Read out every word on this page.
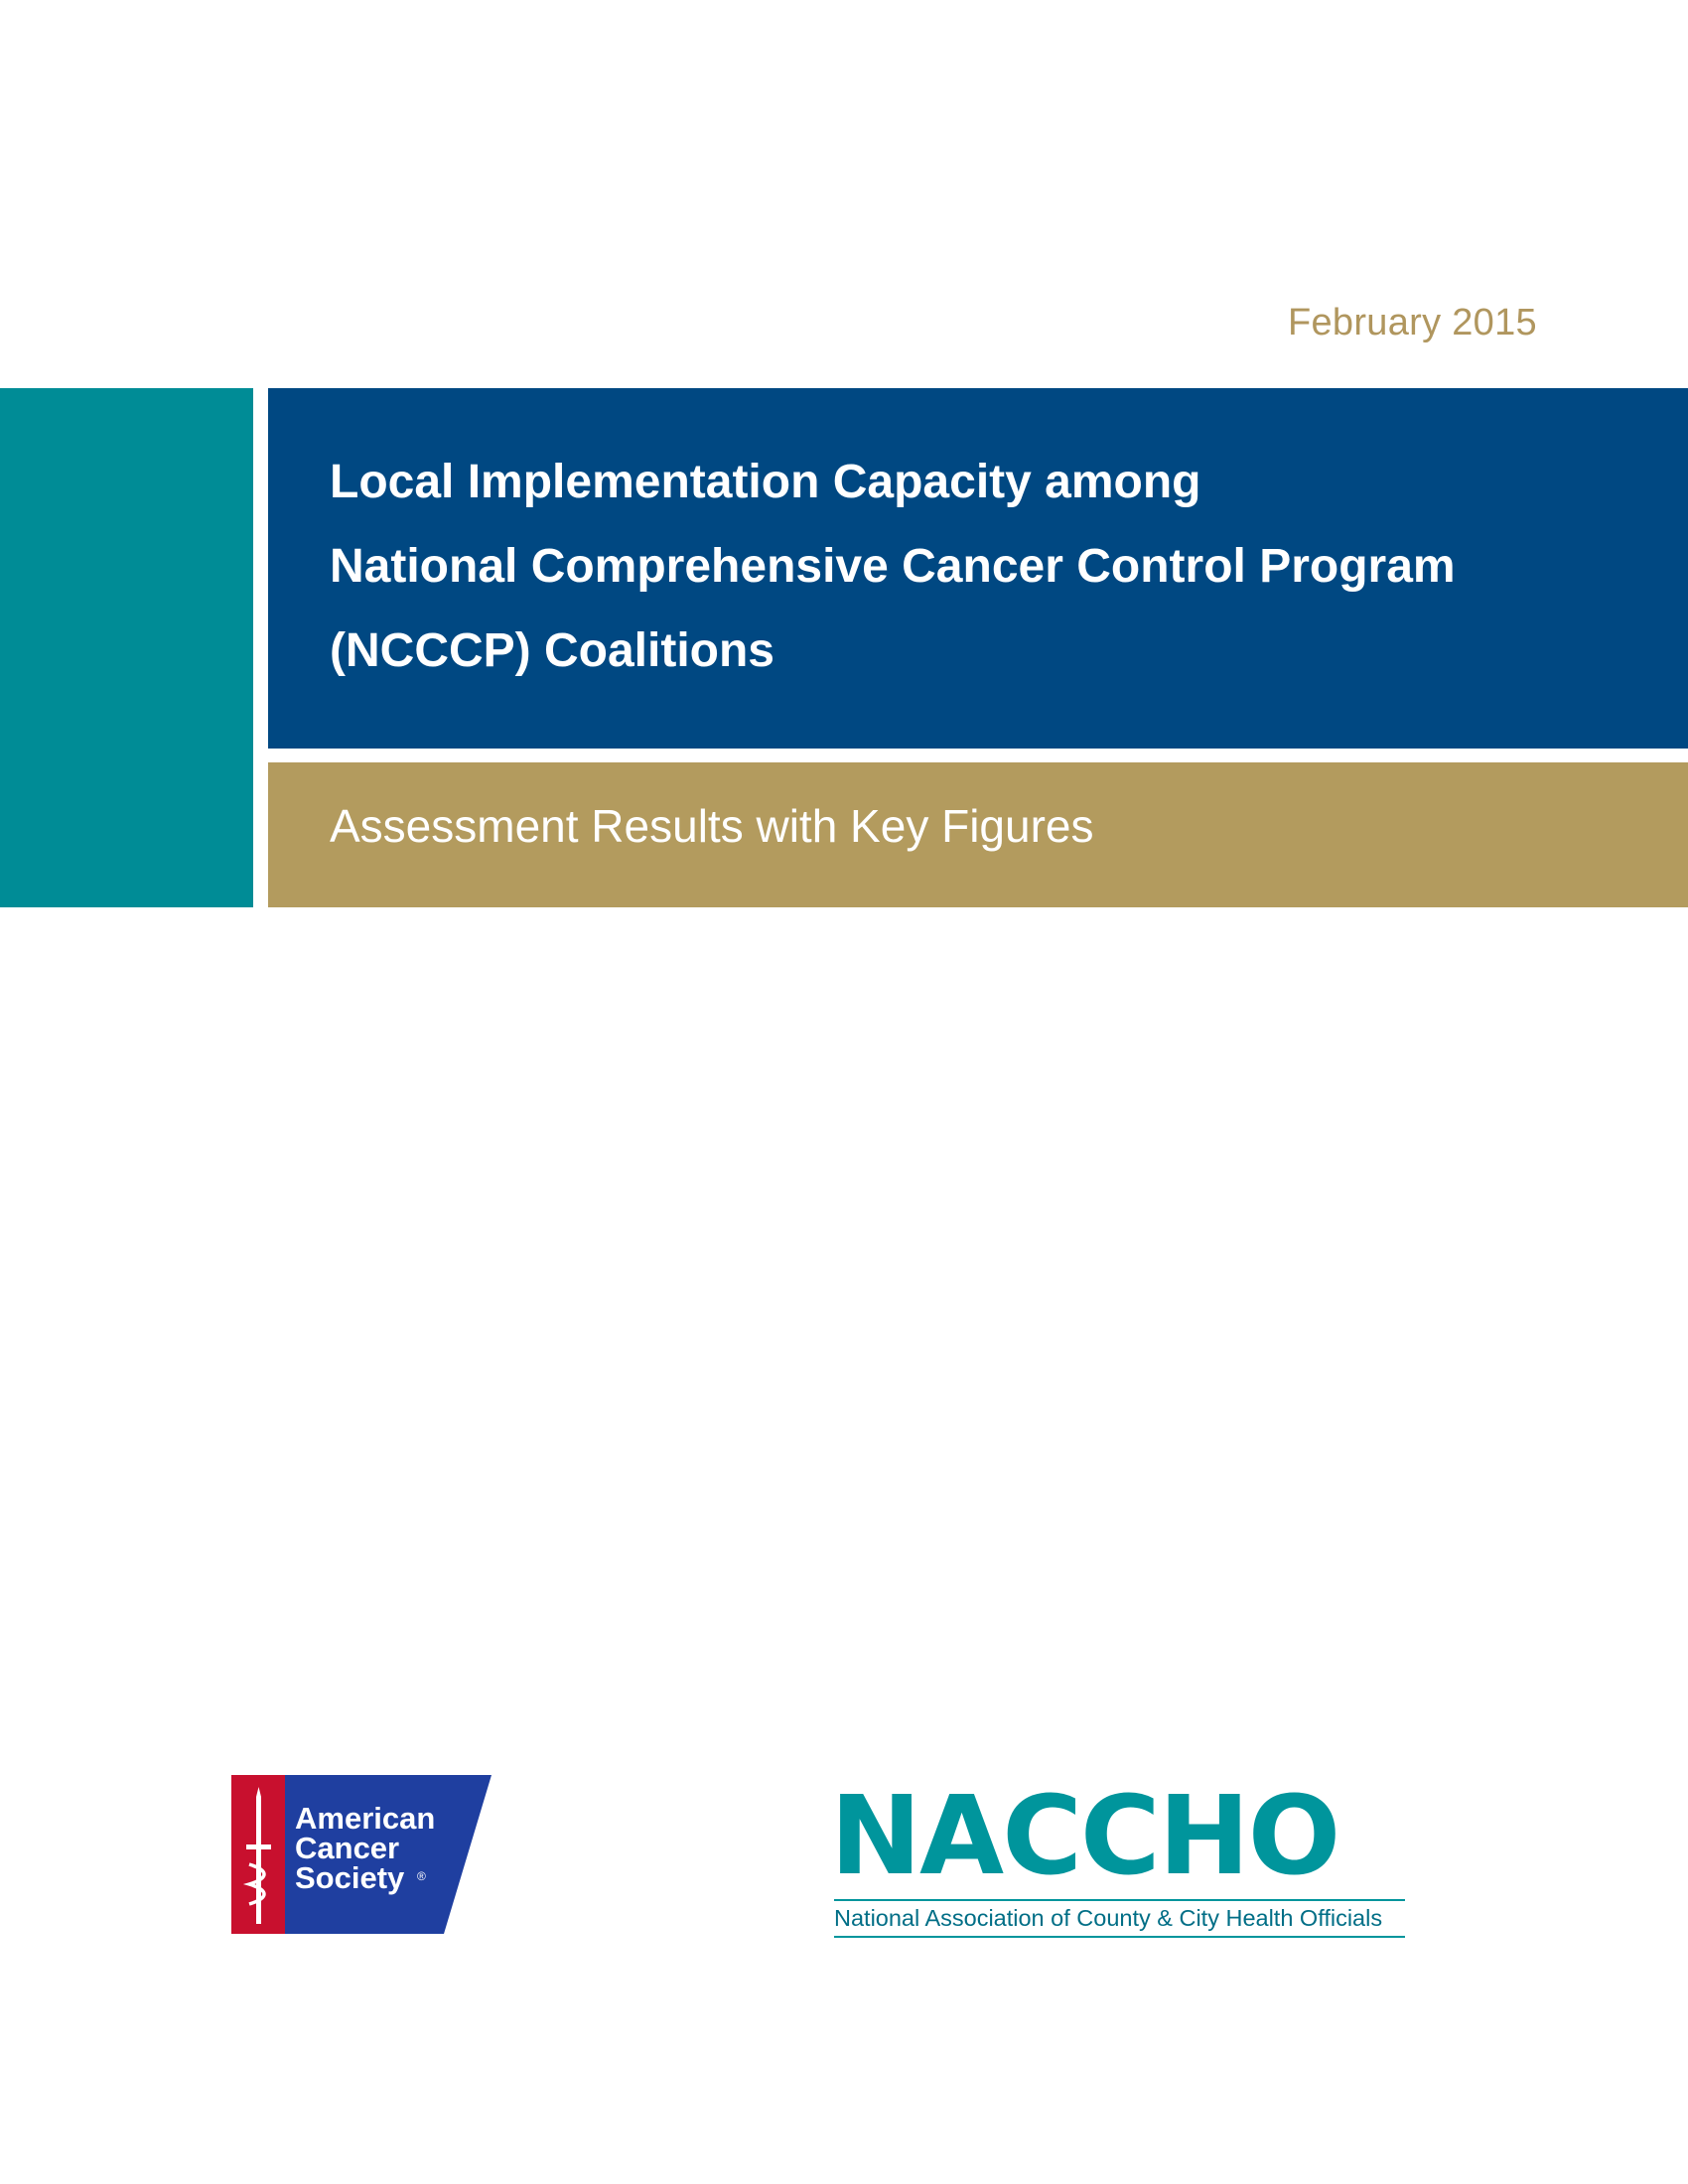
February 2015
Local Implementation Capacity among
National Comprehensive Cancer Control Program
(NCCCP) Coalitions
Assessment Results with Key Figures
American
Cancer
Society ®	NACCHO
National Association of County & City Health Officials
